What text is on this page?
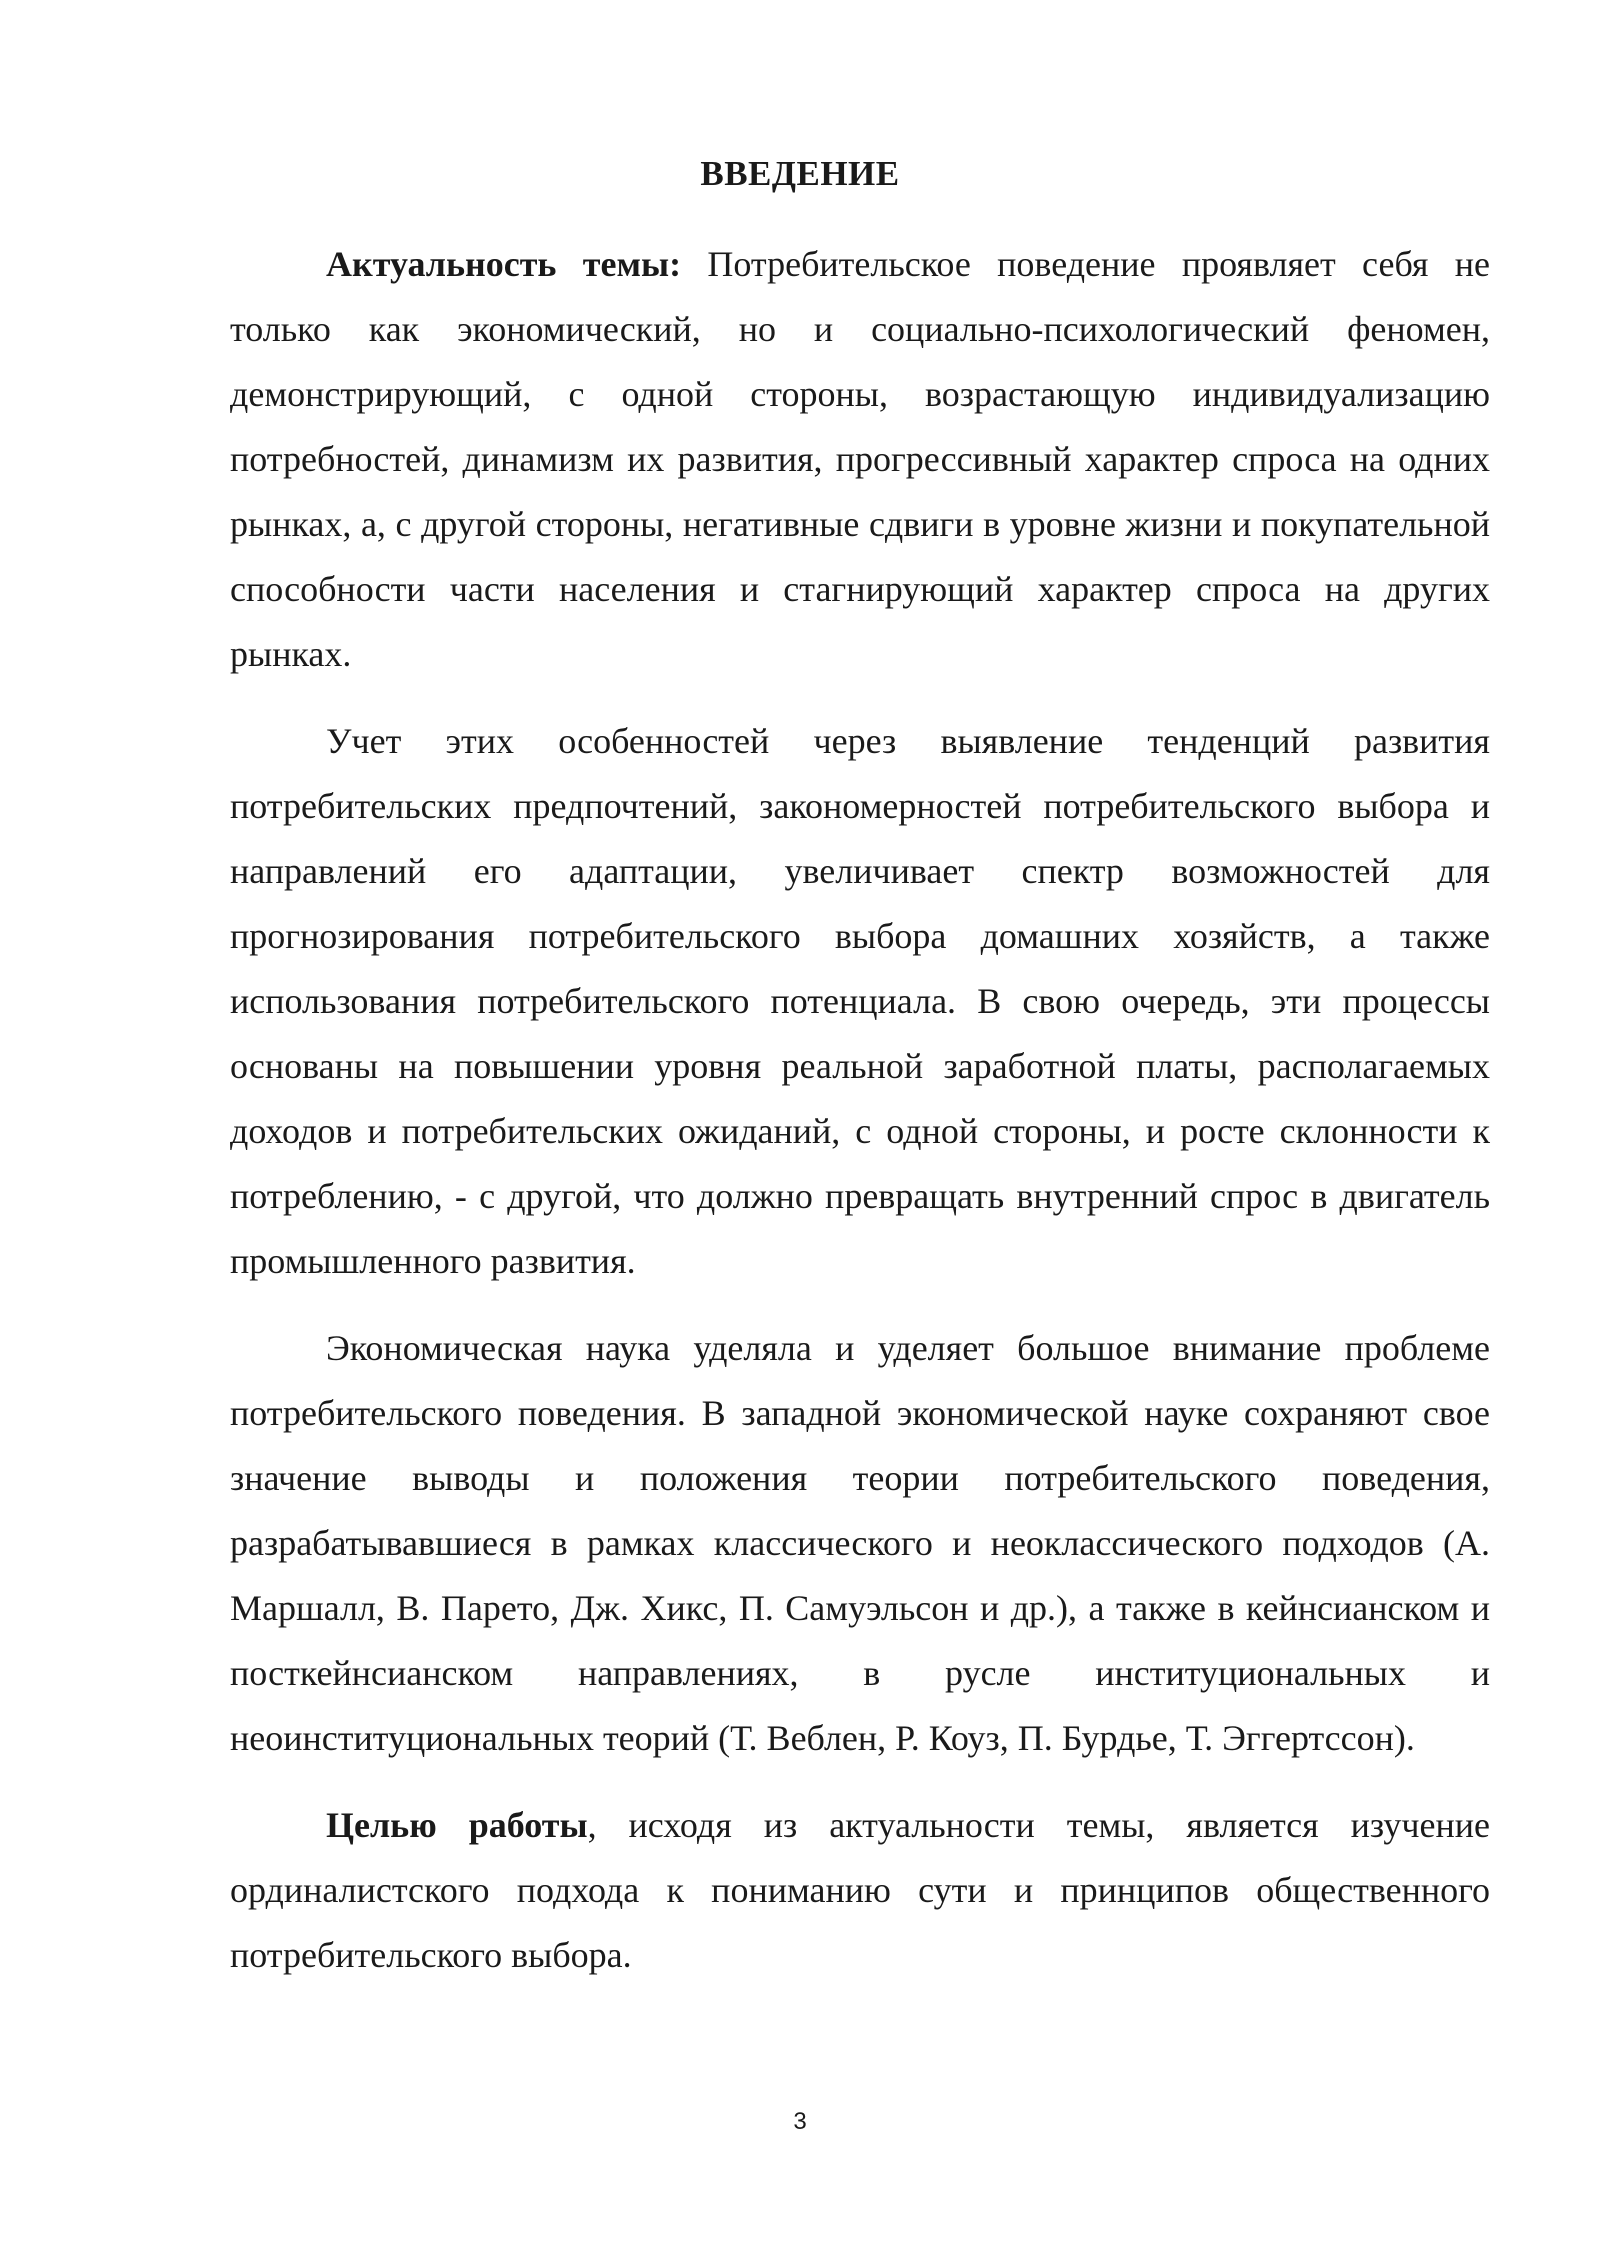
ВВЕДЕНИЕ

Актуальность темы: Потребительское поведение проявляет себя не только как экономический, но и социально-психологический феномен, демонстрирующий, с одной стороны, возрастающую индивидуализацию потребностей, динамизм их развития, прогрессивный характер спроса на одних рынках, а, с другой стороны, негативные сдвиги в уровне жизни и покупательной способности части населения и стагнирующий характер спроса на других рынках.

Учет этих особенностей через выявление тенденций развития потребительских предпочтений, закономерностей потребительского выбора и направлений его адаптации, увеличивает спектр возможностей для прогнозирования потребительского выбора домашних хозяйств, а также использования потребительского потенциала. В свою очередь, эти процессы основаны на повышении уровня реальной заработной платы, располагаемых доходов и потребительских ожиданий, с одной стороны, и росте склонности к потреблению, - с другой, что должно превращать внутренний спрос в двигатель промышленного развития.

Экономическая наука уделяла и уделяет большое внимание проблеме потребительского поведения. В западной экономической науке сохраняют свое значение выводы и положения теории потребительского поведения, разрабатывавшиеся в рамках классического и неоклассического подходов (А. Маршалл, В. Парето, Дж. Хикс, П. Самуэльсон и др.), а также в кейнсианском и посткейнсианском направлениях, в русле институциональных и неоинституциональных теорий (Т. Веблен, Р. Коуз, П. Бурдье, Т. Эггертссон).

Целью работы, исходя из актуальности темы, является изучение ординалистского подхода к пониманию сути и принципов общественного потребительского выбора.

3
